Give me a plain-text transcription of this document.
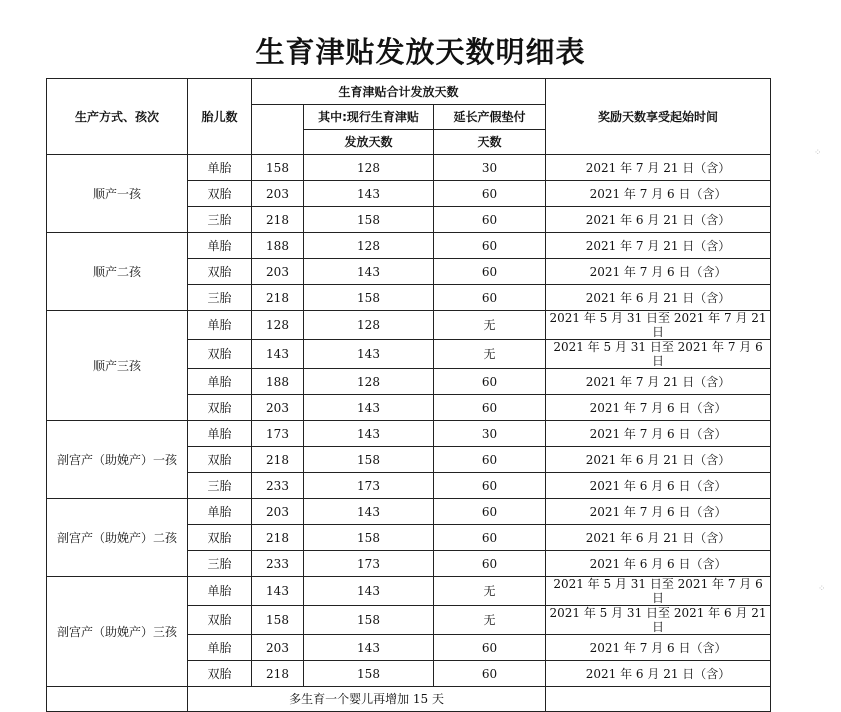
生育津贴发放天数明细表
生产方式、孩次	胎儿数	生育津贴合计发放天数			奖励天数享受起始时间
			其中:现行生育津贴	延长产假垫付	
			发放天数	天数	
顺产一孩	单胎	158	128	30	2021 年 7 月 21 日（含）
	双胎	203	143	60	2021 年 7 月 6 日（含）
	三胎	218	158	60	2021 年 6 月 21 日（含）
顺产二孩	单胎	188	128	60	2021 年 7 月 21 日（含）
	双胎	203	143	60	2021 年 7 月 6 日（含）
	三胎	218	158	60	2021 年 6 月 21 日（含）
顺产三孩	单胎	128	128	无	2021 年 5 月 31 日至 2021 年 7 月 21 日
	双胎	143	143	无	2021 年 5 月 31 日至 2021 年 7 月 6 日
	单胎	188	128	60	2021 年 7 月 21 日（含）
	双胎	203	143	60	2021 年 7 月 6 日（含）
剖宫产（助娩产）一孩	单胎	173	143	30	2021 年 7 月 6 日（含）
	双胎	218	158	60	2021 年 6 月 21 日（含）
	三胎	233	173	60	2021 年 6 月 6 日（含）
剖宫产（助娩产）二孩	单胎	203	143	60	2021 年 7 月 6 日（含）
	双胎	218	158	60	2021 年 6 月 21 日（含）
	三胎	233	173	60	2021 年 6 月 6 日（含）
剖宫产（助娩产）三孩	单胎	143	143	无	2021 年 5 月 31 日至 2021 年 7 月 6 日
	双胎	158	158	无	2021 年 5 月 31 日至 2021 年 6 月 21 日
	单胎	203	143	60	2021 年 7 月 6 日（含）
	双胎	218	158	60	2021 年 6 月 21 日（含）
	多生育一个婴儿再增加 15 天				
⁘
⁘
